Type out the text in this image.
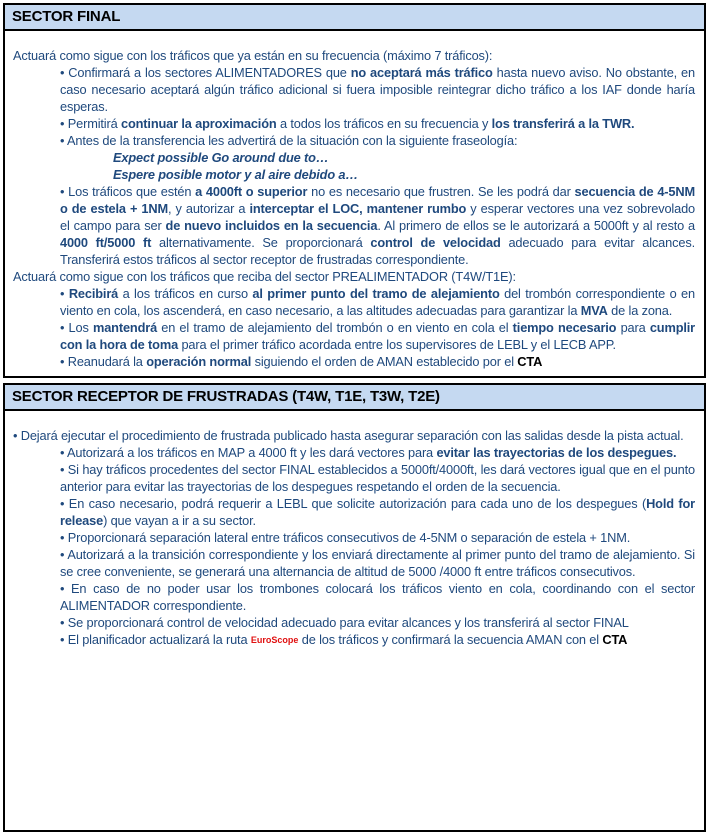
SECTOR FINAL

Actuará como sigue con los tráficos que ya están en su frecuencia (máximo 7 tráficos):

• Confirmará a los sectores ALIMENTADORES que no aceptará más tráfico hasta nuevo aviso. No obstante, en caso necesario aceptará algún tráfico adicional si fuera imposible reintegrar dicho tráfico a los IAF donde haría esperas.

• Permitirá continuar la aproximación a todos los tráficos en su frecuencia y los transferirá a la TWR.

• Antes de la transferencia les advertirá de la situación con la siguiente fraseología:

Expect possible Go around due to…

Espere posible motor y al aire debido a…

• Los tráficos que estén a 4000ft o superior no es necesario que frustren. Se les podrá dar secuencia de 4-5NM o de estela + 1NM, y autorizar a interceptar el LOC, mantener rumbo y esperar vectores una vez sobrevolado el campo para ser de nuevo incluidos en la secuencia. Al primero de ellos se le autorizará a 5000ft y al resto a 4000 ft/5000 ft alternativamente. Se proporcionará control de velocidad adecuado para evitar alcances. Transferirá estos tráficos al sector receptor de frustradas correspondiente.

Actuará como sigue con los tráficos que reciba del sector PREALIMENTADOR (T4W/T1E):

• Recibirá a los tráficos en curso al primer punto del tramo de alejamiento del trombón correspondiente o en viento en cola, los ascenderá, en caso necesario, a las altitudes adecuadas para garantizar la MVA de la zona.

• Los mantendrá en el tramo de alejamiento del trombón o en viento en cola el tiempo necesario para cumplir con la hora de toma para el primer tráfico acordada entre los supervisores de LEBL y el LECB APP.

• Reanudará la operación normal siguiendo el orden de AMAN establecido por el CTA

SECTOR RECEPTOR DE FRUSTRADAS (T4W, T1E, T3W, T2E)

• Dejará ejecutar el procedimiento de frustrada publicado hasta asegurar separación con las salidas desde la pista actual.

• Autorizará a los tráficos en MAP a 4000 ft y les dará vectores para evitar las trayectorias de los despegues.

• Si hay tráficos procedentes del sector FINAL establecidos a 5000ft/4000ft, les dará vectores igual que en el punto anterior para evitar las trayectorias de los despegues respetando el orden de la secuencia.

• En caso necesario, podrá requerir a LEBL que solicite autorización para cada uno de los despegues (Hold for release) que vayan a ir a su sector.

• Proporcionará separación lateral entre tráficos consecutivos de 4-5NM o separación de estela + 1NM.

• Autorizará a la transición correspondiente y los enviará directamente al primer punto del tramo de alejamiento. Si se cree conveniente, se generará una alternancia de altitud de 5000 /4000 ft entre tráficos consecutivos.

• En caso de no poder usar los trombones colocará los tráficos viento en cola, coordinando con el sector ALIMENTADOR correspondiente.

• Se proporcionará control de velocidad adecuado para evitar alcances y los transferirá al sector FINAL

• El planificador actualizará la ruta EuroScope de los tráficos y confirmará la secuencia AMAN con el CTA
